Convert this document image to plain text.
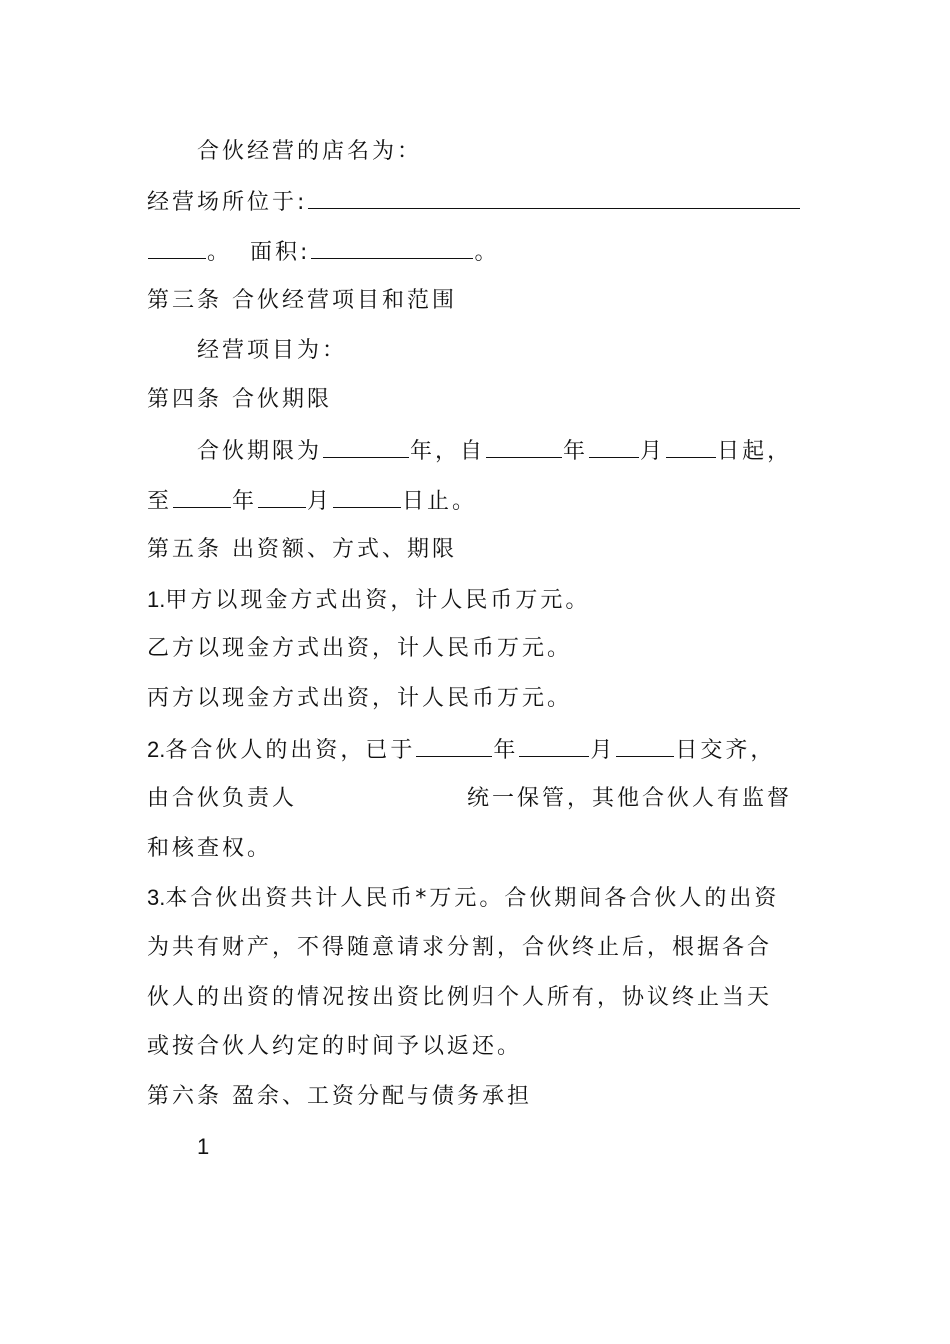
合伙经营的店名为：
经营场所位于:
。 面积:	。
第三条 合伙经营项目和范围
经营项目为：
第四条 合伙期限
合伙期限为	年，自	年 月 日起，
至	年 月	日止。
第五条 出资额、方式、期限
1.甲方以现金方式出资，计人民币万元。
乙方以现金方式出资，计人民币万元。
丙方以现金方式出资，计人民币万元。
2.各合伙人的出资，已于	年	月	日交齐，
由合伙负责人	统一保管，其他合伙人有监督
和核查权。
3.本合伙出资共计人民币*万元。合伙期间各合伙人的出资
为共有财产，不得随意请求分割，合伙终止后，根据各合
伙人的出资的情况按出资比例归个人所有，协议终止当天
或按合伙人约定的时间予以返还。
第六条 盈余、工资分配与债务承担
1
